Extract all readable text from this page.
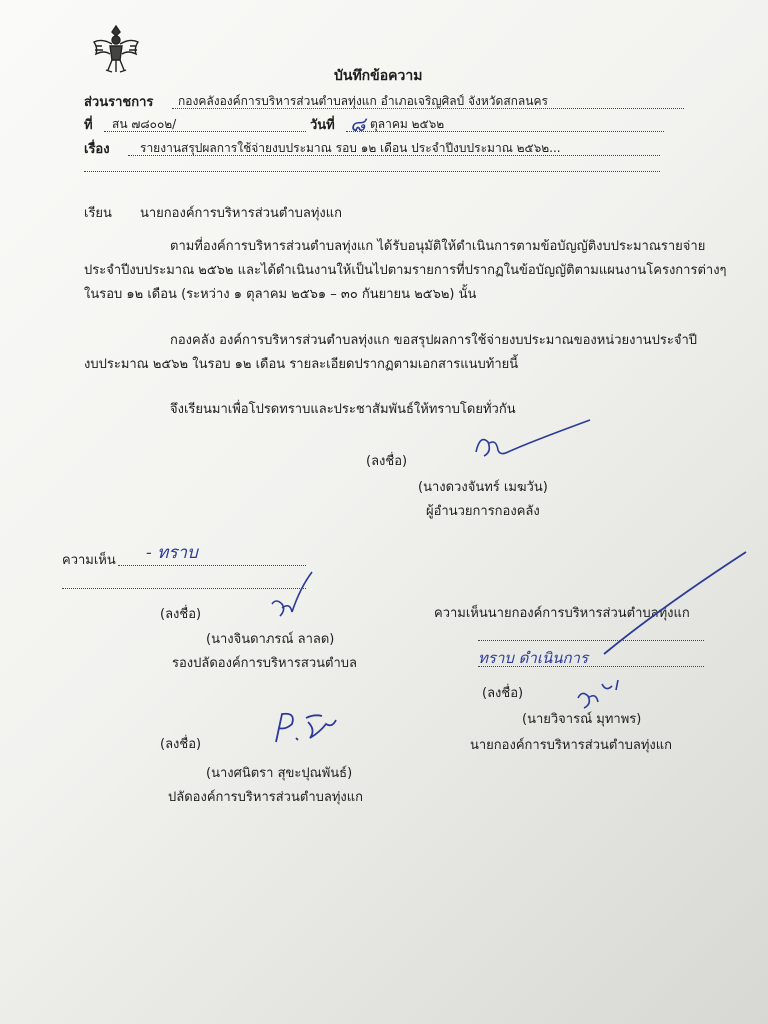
บันทึกข้อความ
ส่วนราชการ กองคลังองค์การบริหารส่วนตำบลทุ่งแก อำเภอเจริญศิลป์ จังหวัดสกลนคร
ที่ สน ๗๘๐๐๒/	วันที่ ๘ ตุลาคม ๒๕๖๒
เรื่อง	รายงานสรุปผลการใช้จ่ายงบประมาณ รอบ ๑๒ เดือน ประจำปีงบประมาณ ๒๕๖๒...
เรียน นายกองค์การบริหารส่วนตำบลทุ่งแก
ตามที่องค์การบริหารส่วนตำบลทุ่งแก ได้รับอนุมัติให้ดำเนินการตามข้อบัญญัติงบประมาณรายจ่าย
ประจำปีงบประมาณ ๒๕๖๒ และได้ดำเนินงานให้เป็นไปตามรายการที่ปรากฏในข้อบัญญัติตามแผนงานโครงการต่างๆ
ในรอบ ๑๒ เดือน (ระหว่าง ๑ ตุลาคม ๒๕๖๑ – ๓๐ กันยายน ๒๕๖๒) นั้น
กองคลัง องค์การบริหารส่วนตำบลทุ่งแก ขอสรุปผลการใช้จ่ายงบประมาณของหน่วยงานประจำปี
งบประมาณ ๒๕๖๒ ในรอบ ๑๒ เดือน รายละเอียดปรากฏตามเอกสารแนบท้ายนี้
จึงเรียนมาเพื่อโปรดทราบและประชาสัมพันธ์ให้ทราบโดยทั่วกัน
(ลงชื่อ)
(นางดวงจันทร์ เมฆวัน)
ผู้อำนวยการกองคลัง
ความเห็น - ทราบ
(ลงชื่อ)
(นางจินดาภรณ์ ลาลด)
รองปลัดองค์การบริหารสวนตำบล
ความเห็นนายกองค์การบริหารส่วนตำบลทุ่งแก
ทราบ ดำเนินการ
(ลงชื่อ)
(นายวิจารณ์ มุทาพร)
นายกองค์การบริหารส่วนตำบลทุ่งแก
(ลงชื่อ)
(นางศนิตรา สุขะปุณพันธ์)
ปลัดองค์การบริหารส่วนตำบลทุ่งแก
